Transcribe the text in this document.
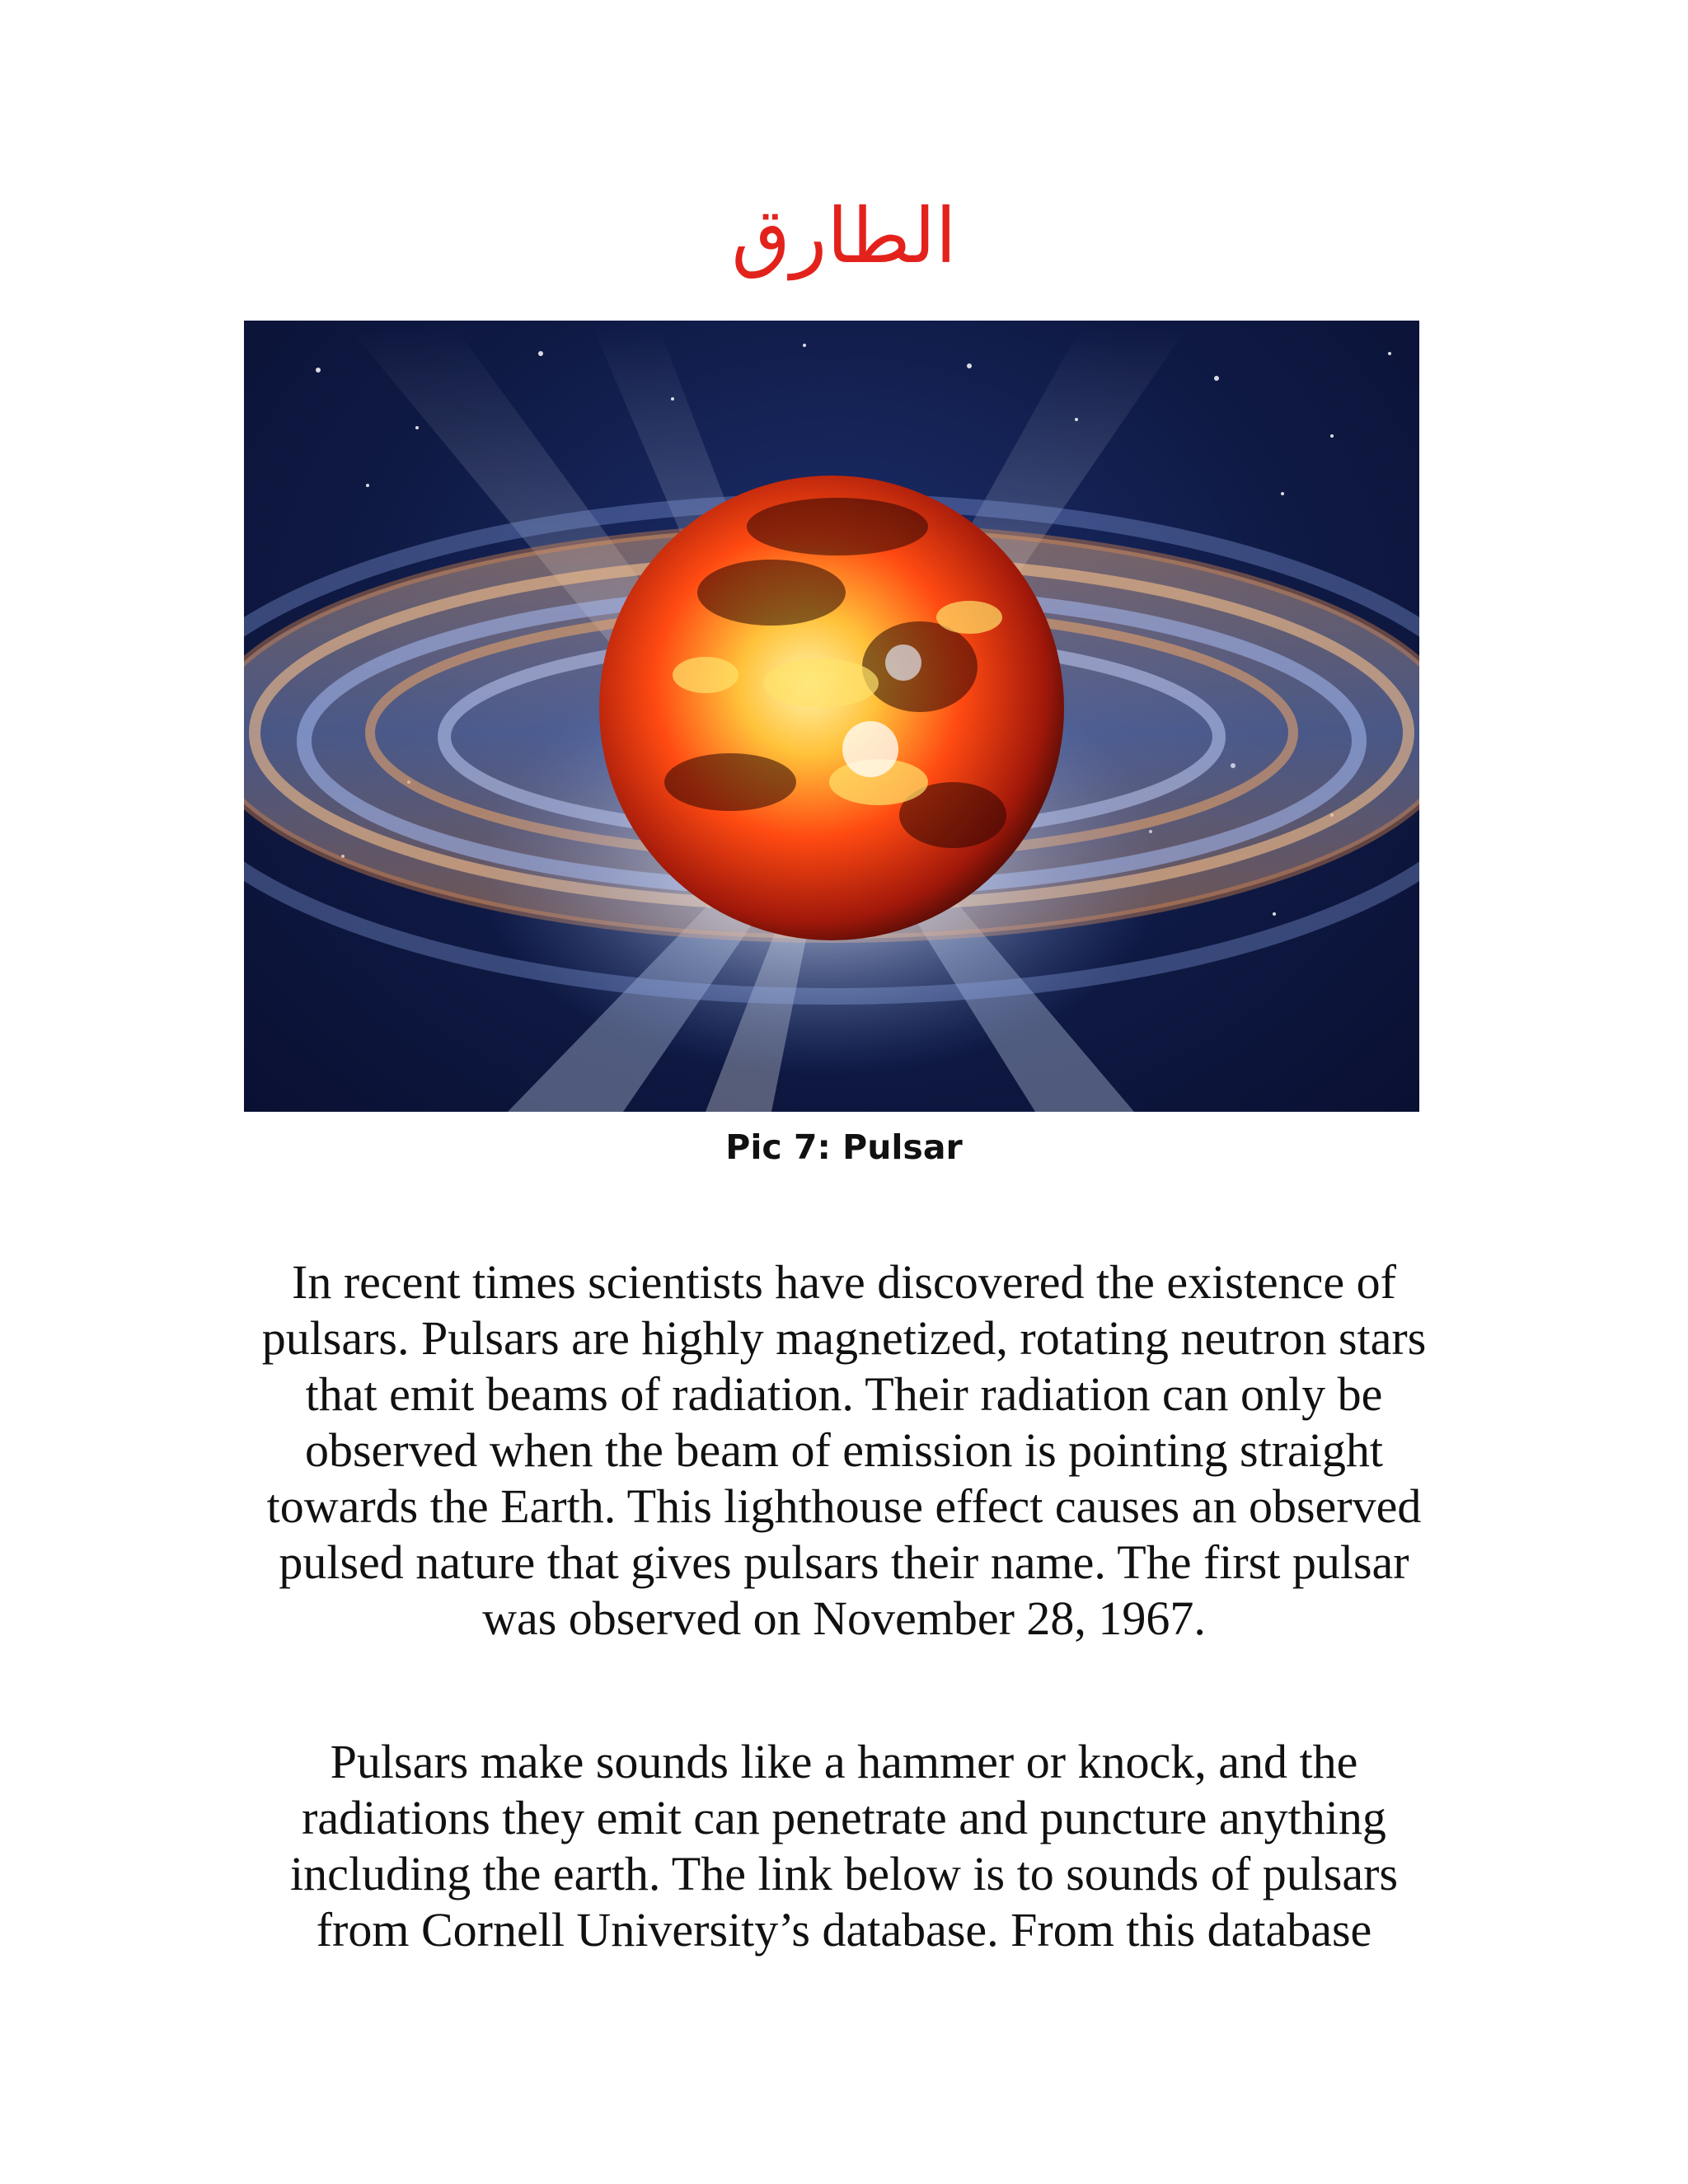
الطارق
Pic 7: Pulsar

In recent times scientists have discovered the existence of pulsars. Pulsars are highly magnetized, rotating neutron stars that emit beams of radiation. Their radiation can only be observed when the beam of emission is pointing straight towards the Earth. This lighthouse effect causes an observed pulsed nature that gives pulsars their name. The first pulsar was observed on November 28, 1967.

Pulsars make sounds like a hammer or knock, and the radiations they emit can penetrate and puncture anything including the earth. The link below is to sounds of pulsars from Cornell University’s database. From this database
